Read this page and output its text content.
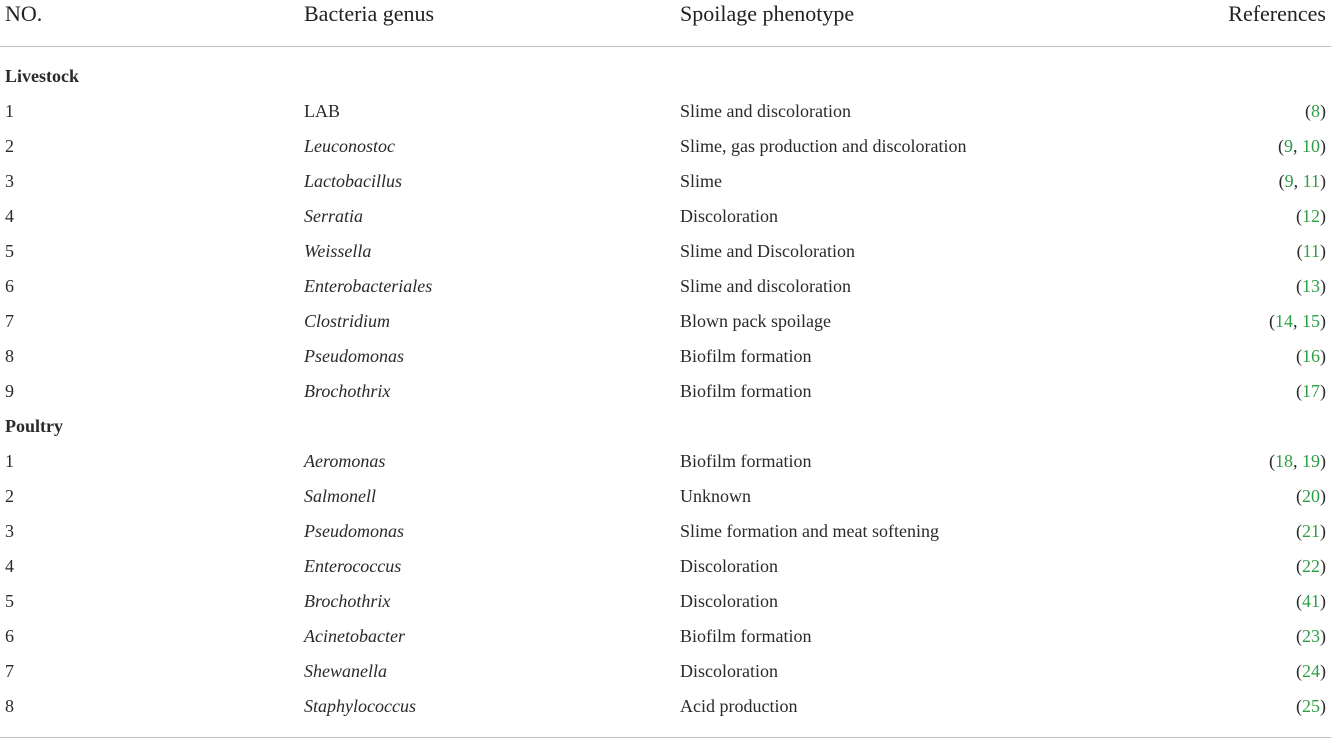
NO.	Bacteria genus	Spoilage phenotype	References
Livestock
1	LAB	Slime and discoloration	(8)
2	Leuconostoc	Slime, gas production and discoloration	(9, 10)
3	Lactobacillus	Slime	(9, 11)
4	Serratia	Discoloration	(12)
5	Weissella	Slime and Discoloration	(11)
6	Enterobacteriales	Slime and discoloration	(13)
7	Clostridium	Blown pack spoilage	(14, 15)
8	Pseudomonas	Biofilm formation	(16)
9	Brochothrix	Biofilm formation	(17)
Poultry
1	Aeromonas	Biofilm formation	(18, 19)
2	Salmonell	Unknown	(20)
3	Pseudomonas	Slime formation and meat softening	(21)
4	Enterococcus	Discoloration	(22)
5	Brochothrix	Discoloration	(41)
6	Acinetobacter	Biofilm formation	(23)
7	Shewanella	Discoloration	(24)
8	Staphylococcus	Acid production	(25)
